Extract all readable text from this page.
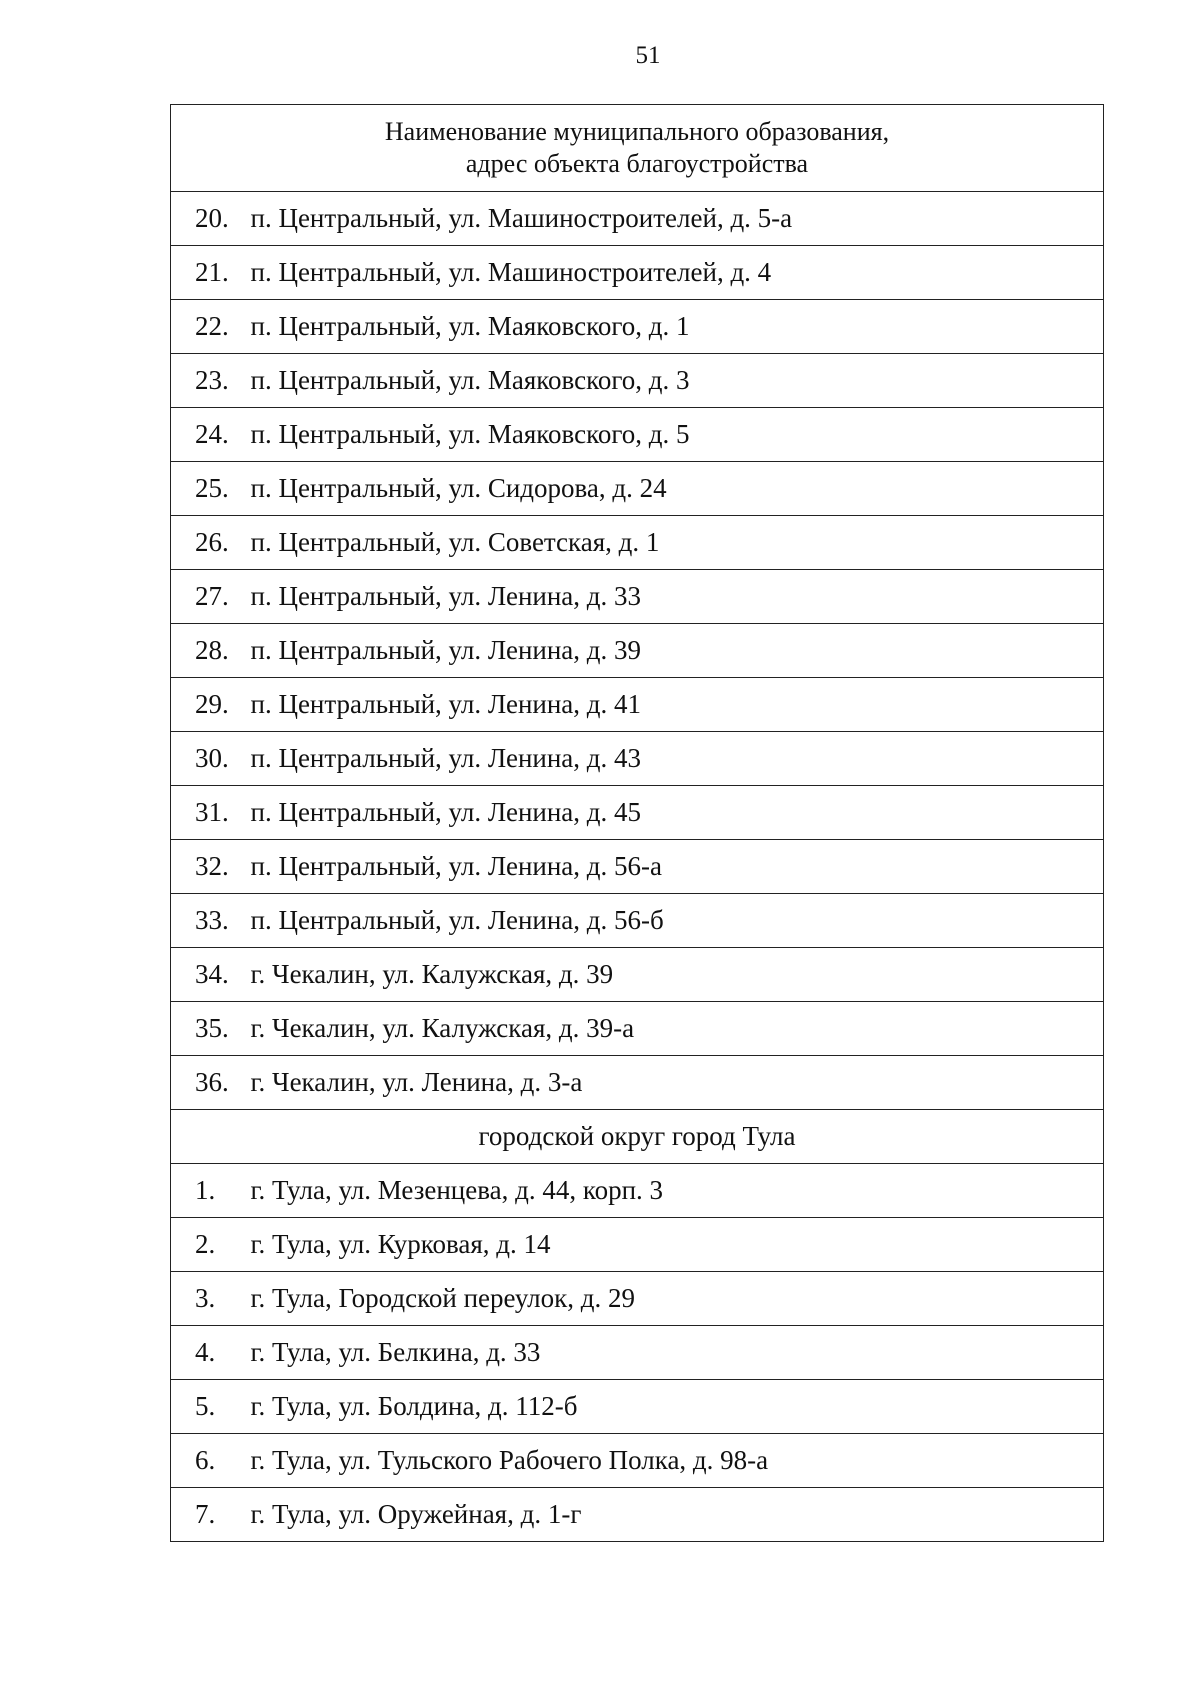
51
Наименование муниципального образования,
адрес объекта благоустройства	

20.	п. Центральный, ул. Машиностроителей, д. 5-а
21.	п. Центральный, ул. Машиностроителей, д. 4
22.	п. Центральный, ул. Маяковского, д. 1
23.	п. Центральный, ул. Маяковского, д. 3
24.	п. Центральный, ул. Маяковского, д. 5
25.	п. Центральный, ул. Сидорова, д. 24
26.	п. Центральный, ул. Советская, д. 1
27.	п. Центральный, ул. Ленина, д. 33
28.	п. Центральный, ул. Ленина, д. 39
29.	п. Центральный, ул. Ленина, д. 41
30.	п. Центральный, ул. Ленина, д. 43
31.	п. Центральный, ул. Ленина, д. 45
32.	п. Центральный, ул. Ленина, д. 56-а
33.	п. Центральный, ул. Ленина, д. 56-б
34.	г. Чекалин, ул. Калужская, д. 39
35.	г. Чекалин, ул. Калужская, д. 39-а
36.	г. Чекалин, ул. Ленина, д. 3-а
городской округ город Тула	
1.	г. Тула, ул. Мезенцева, д. 44, корп. 3
2.	г. Тула, ул. Курковая, д. 14
3.	г. Тула, Городской переулок, д. 29
4.	г. Тула, ул. Белкина, д. 33
5.	г. Тула, ул. Болдина, д. 112-б
6.	г. Тула, ул. Тульского Рабочего Полка, д. 98-а
7.	г. Тула, ул. Оружейная, д. 1-г
